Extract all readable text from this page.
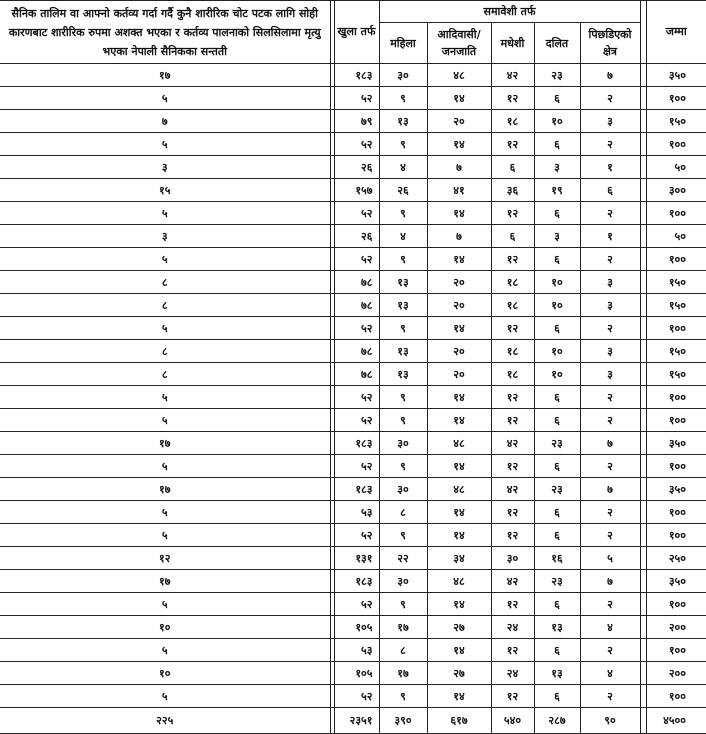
सैनिक तालिम वा आफ्नो कर्तव्य गर्दा गर्दै कुनै शारीरिक चोट पटक लागि सोही कारणबाट शारीरिक रुपमा अशक्त भएका र कर्तव्य पालनाको सिलसिलामा मृत्यु भएका नेपाली सैनिकका सन्तती		खुला तर्फ	समावेशी तर्फ						जम्मा
			महिला	आदिवासी/ जनजाति	मधेशी	दलित	पिछडिएको क्षेत्र		
१७		१८३	३०	४८	४२	२३	७		३५०
५		५२	९	१४	१२	६	२		१००
७		७९	१३	२०	१८	१०	३		१५०
५		५२	९	१४	१२	६	२		१००
३		२६	४	७	६	३	१		५०
१५		१५७	२६	४१	३६	१९	६		३००
५		५२	९	१४	१२	६	२		१००
३		२६	४	७	६	३	१		५०
५		५२	९	१४	१२	६	२		१००
८		७८	१३	२०	१८	१०	३		१५०
८		७८	१३	२०	१८	१०	३		१५०
५		५२	९	१४	१२	६	२		१००
८		७८	१३	२०	१८	१०	३		१५०
८		७८	१३	२०	१८	१०	३		१५०
५		५२	९	१४	१२	६	२		१००
५		५२	९	१४	१२	६	२		१००
१७		१८३	३०	४८	४२	२३	७		३५०
५		५२	९	१४	१२	६	२		१००
१७		१८३	३०	४८	४२	२३	७		३५०
५		५३	८	१४	१२	६	२		१००
५		५२	९	१४	१२	६	२		१००
१२		१३१	२२	३४	३०	१६	५		२५०
१७		१८३	३०	४८	४२	२३	७		३५०
५		५२	९	१४	१२	६	२		१००
१०		१०५	१७	२७	२४	१३	४		२००
५		५३	८	१४	१२	६	२		१००
१०		१०५	१७	२७	२४	१३	४		२००
५		५२	९	१४	१२	६	२		१००
२२५		२३५१	३९०	६१७	५४०	२८७	९०		४५००
